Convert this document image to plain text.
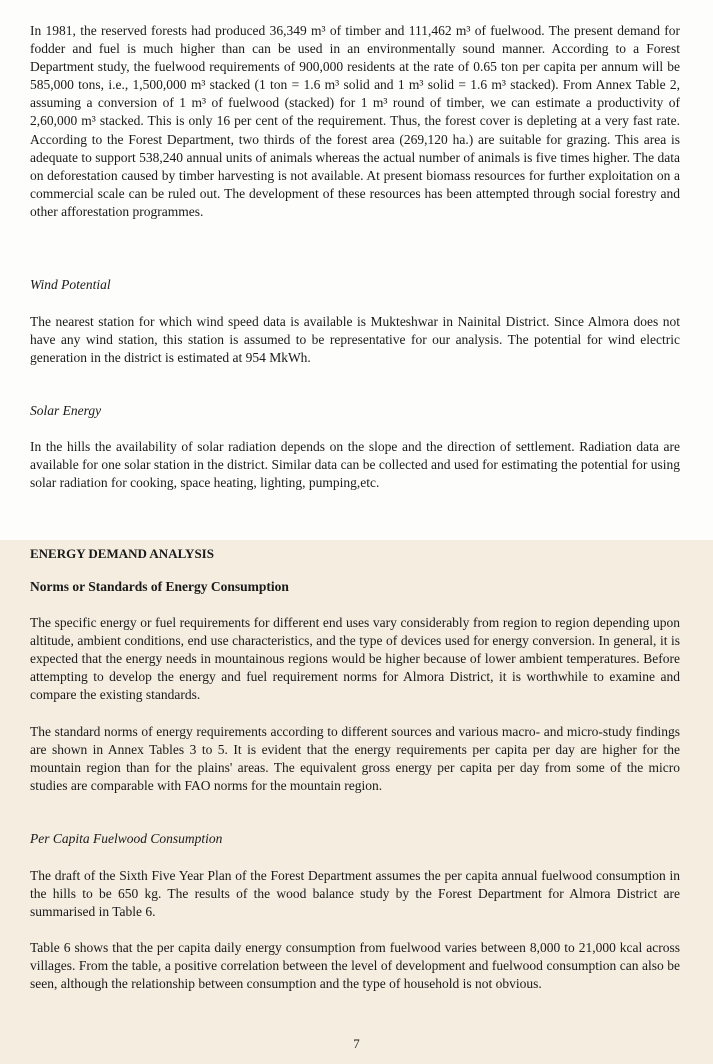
In 1981, the reserved forests had produced 36,349 m³ of timber and 111,462 m³ of fuelwood. The present demand for fodder and fuel is much higher than can be used in an environmentally sound manner. According to a Forest Department study, the fuelwood requirements of 900,000 residents at the rate of 0.65 ton per capita per annum will be 585,000 tons, i.e., 1,500,000 m³ stacked (1 ton = 1.6 m³ solid and 1 m³ solid = 1.6 m³ stacked). From Annex Table 2, assuming a conversion of 1 m³ of fuelwood (stacked) for 1 m³ round of timber, we can estimate a productivity of 2,60,000 m³ stacked. This is only 16 per cent of the requirement. Thus, the forest cover is depleting at a very fast rate. According to the Forest Department, two thirds of the forest area (269,120 ha.) are suitable for grazing. This area is adequate to support 538,240 annual units of animals whereas the actual number of animals is five times higher. The data on deforestation caused by timber harvesting is not available. At present biomass resources for further exploitation on a commercial scale can be ruled out. The development of these resources has been attempted through social forestry and other afforestation programmes.

Wind Potential

The nearest station for which wind speed data is available is Mukteshwar in Nainital District. Since Almora does not have any wind station, this station is assumed to be representative for our analysis. The potential for wind electric generation in the district is estimated at 954 MkWh.

Solar Energy

In the hills the availability of solar radiation depends on the slope and the direction of settlement. Radiation data are available for one solar station in the district. Similar data can be collected and used for estimating the potential for using solar radiation for cooking, space heating, lighting, pumping,etc.

ENERGY DEMAND ANALYSIS

Norms or Standards of Energy Consumption

The specific energy or fuel requirements for different end uses vary considerably from region to region depending upon altitude, ambient conditions, end use characteristics, and the type of devices used for energy conversion. In general, it is expected that the energy needs in mountainous regions would be higher because of lower ambient temperatures. Before attempting to develop the energy and fuel requirement norms for Almora District, it is worthwhile to examine and compare the existing standards.

The standard norms of energy requirements according to different sources and various macro- and micro-study findings are shown in Annex Tables 3 to 5. It is evident that the energy requirements per capita per day are higher for the mountain region than for the plains' areas. The equivalent gross energy per capita per day from some of the micro studies are comparable with FAO norms for the mountain region.

Per Capita Fuelwood Consumption

The draft of the Sixth Five Year Plan of the Forest Department assumes the per capita annual fuelwood consumption in the hills to be 650 kg. The results of the wood balance study by the Forest Department for Almora District are summarised in Table 6.

Table 6 shows that the per capita daily energy consumption from fuelwood varies between 8,000 to 21,000 kcal across villages. From the table, a positive correlation between the level of development and fuelwood consumption can also be seen, although the relationship between consumption and the type of household is not obvious.

7
